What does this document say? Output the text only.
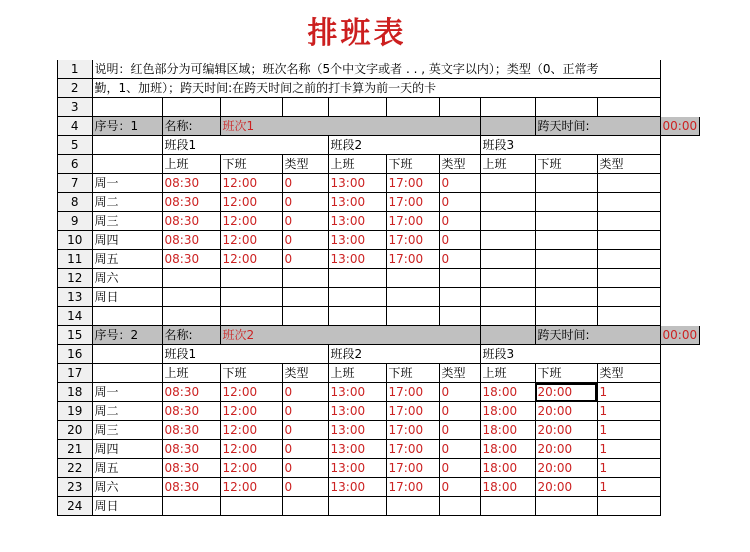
排班表
1	说明：红色部分为可编辑区域；班次名称（5个中文字或者 . . , 英文字以内）；类型（0、正常考										
2	勤，1、加班）；跨天时间:在跨天时间之前的打卡算为前一天的卡										
3											
4	序号：1	名称:	班次1						跨天时间:		00:00
5		班段1			班段2			班段3			
6		上班	下班	类型	上班	下班	类型	上班	下班	类型	
7	周一	08:30	12:00	0	13:00	17:00	0				
8	周二	08:30	12:00	0	13:00	17:00	0				
9	周三	08:30	12:00	0	13:00	17:00	0				
10	周四	08:30	12:00	0	13:00	17:00	0				
11	周五	08:30	12:00	0	13:00	17:00	0				
12	周六										
13	周日										
14											
15	序号：2	名称:	班次2						跨天时间:		00:00
16		班段1			班段2			班段3			
17		上班	下班	类型	上班	下班	类型	上班	下班	类型	
18	周一	08:30	12:00	0	13:00	17:00	0	18:00	20:00	1	
19	周二	08:30	12:00	0	13:00	17:00	0	18:00	20:00	1	
20	周三	08:30	12:00	0	13:00	17:00	0	18:00	20:00	1	
21	周四	08:30	12:00	0	13:00	17:00	0	18:00	20:00	1	
22	周五	08:30	12:00	0	13:00	17:00	0	18:00	20:00	1	
23	周六	08:30	12:00	0	13:00	17:00	0	18:00	20:00	1	
24	周日										
